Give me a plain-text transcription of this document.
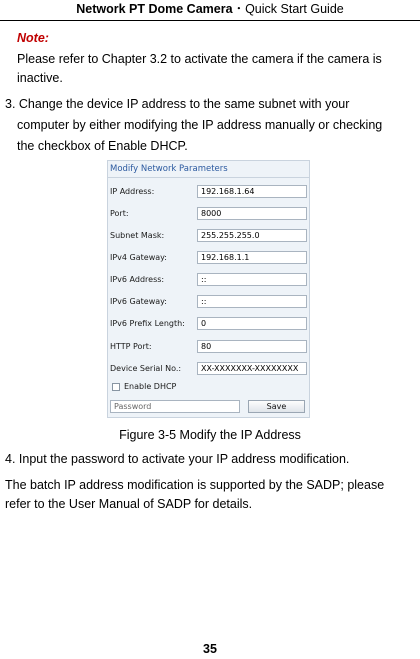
Network PT Dome Camera・Quick Start Guide
Note:
Please refer to Chapter 3.2 to activate the camera if the camera is
inactive.
3. Change the device IP address to the same subnet with your
computer by either modifying the IP address manually or checking
the checkbox of Enable DHCP.
Modify Network Parameters
IP Address:	192.168.1.64
Port:	8000
Subnet Mask:	255.255.255.0
IPv4 Gateway:	192.168.1.1
IPv6 Address:	::
IPv6 Gateway:	::
IPv6 Prefix Length:	0
HTTP Port:	80
Device Serial No.:	XX-XXXXXXX-XXXXXXXX
Enable DHCP
Password	Save
Figure 3-5 Modify the IP Address
4. Input the password to activate your IP address modification.
The batch IP address modification is supported by the SADP; please
refer to the User Manual of SADP for details.
35
